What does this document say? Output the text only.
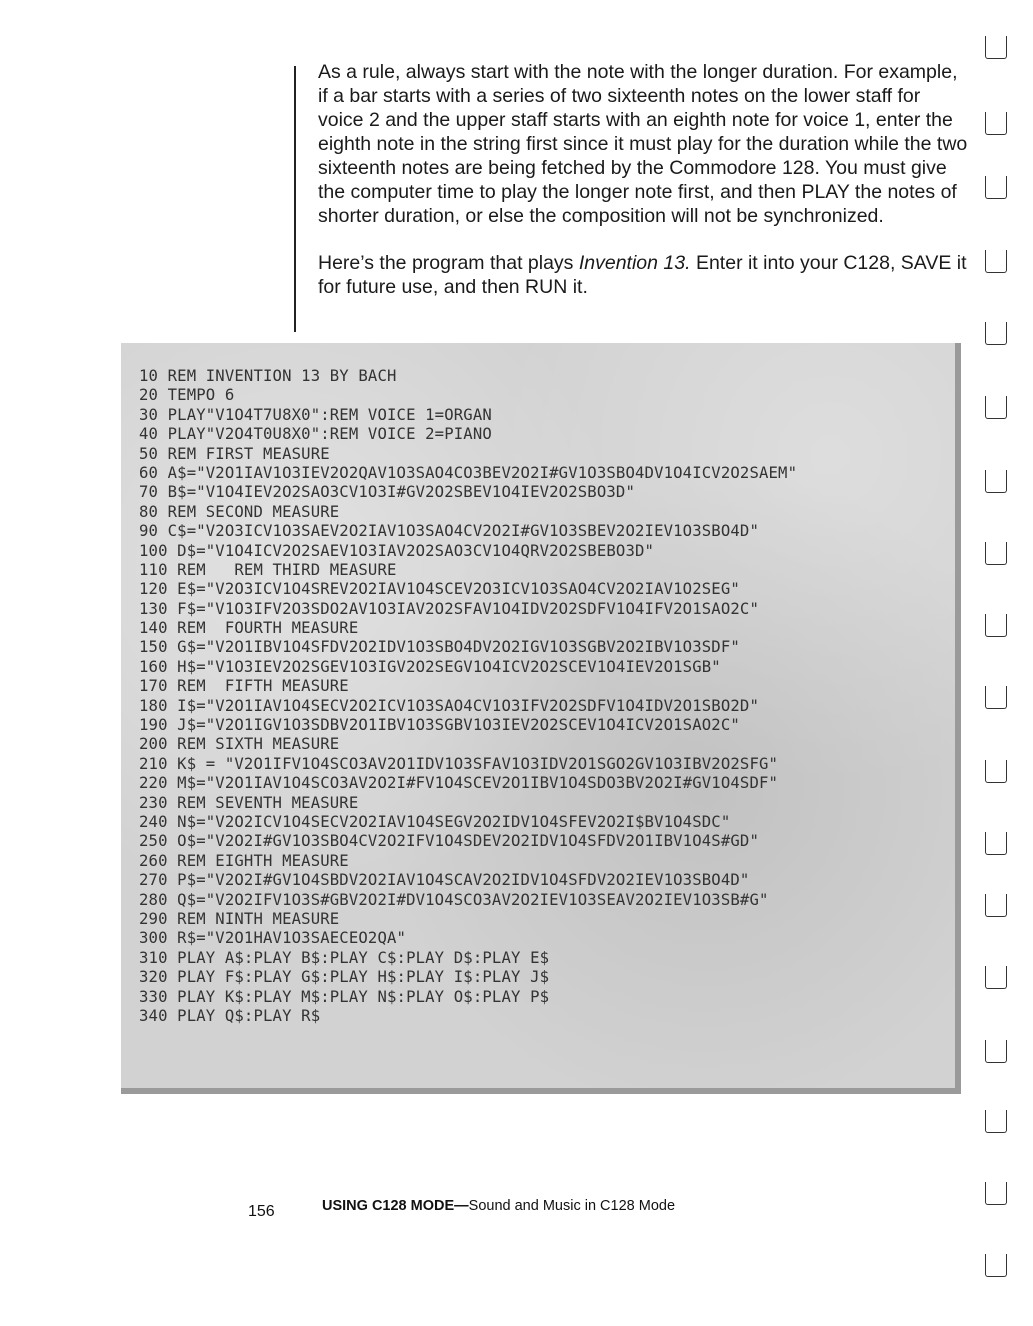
As a rule, always start with the note with the longer duration. For example, if a bar starts with a series of two sixteenth notes on the lower staff for voice 2 and the upper staff starts with an eighth note for voice 1, enter the eighth note in the string first since it must play for the duration while the two sixteenth notes are being fetched by the Commodore 128. You must give the computer time to play the longer note first, and then PLAY the notes of shorter duration, or else the composition will not be synchronized.

Here’s the program that plays Invention 13. Enter it into your C128, SAVE it for future use, and then RUN it.

10 REM INVENTION 13 BY BACH
20 TEMPO 6
30 PLAY"V1O4T7U8X0":REM VOICE 1=ORGAN
40 PLAY"V2O4T0U8X0":REM VOICE 2=PIANO
50 REM FIRST MEASURE
60 A$="V2O1IAV1O3IEV2O2QAV1O3SAO4CO3BEV2O2I#GV1O3SBO4DV1O4ICV2O2SAEM"
70 B$="V1O4IEV2O2SAO3CV1O3I#GV2O2SBEV1O4IEV2O2SBO3D"
80 REM SECOND MEASURE
90 C$="V2O3ICV1O3SAEV2O2IAV1O3SAO4CV2O2I#GV1O3SBEV2O2IEV1O3SBO4D"
100 D$="V1O4ICV2O2SAEV1O3IAV2O2SAO3CV1O4QRV2O2SBEBO3D"
110 REM   REM THIRD MEASURE
120 E$="V2O3ICV1O4SREV2O2IAV1O4SCEV2O3ICV1O3SAO4CV2O2IAV1O2SEG"
130 F$="V1O3IFV2O3SDO2AV1O3IAV2O2SFAV1O4IDV2O2SDFV1O4IFV2O1SAO2C"
140 REM  FOURTH MEASURE
150 G$="V2O1IBV1O4SFDV2O2IDV1O3SBO4DV2O2IGV1O3SGBV2O2IBV1O3SDF"
160 H$="V1O3IEV2O2SGEV1O3IGV2O2SEGV1O4ICV2O2SCEV1O4IEV2O1SGB"
170 REM  FIFTH MEASURE
180 I$="V2O1IAV1O4SECV2O2ICV1O3SAO4CV1O3IFV2O2SDFV1O4IDV2O1SBO2D"
190 J$="V2O1IGV1O3SDBV2O1IBV1O3SGBV1O3IEV2O2SCEV1O4ICV2O1SAO2C"
200 REM SIXTH MEASURE
210 K$ = "V2O1IFV1O4SCO3AV2O1IDV1O3SFAV1O3IDV2O1SGO2GV1O3IBV2O2SFG"
220 M$="V2O1IAV1O4SCO3AV2O2I#FV1O4SCEV2O1IBV1O4SDO3BV2O2I#GV1O4SDF"
230 REM SEVENTH MEASURE
240 N$="V2O2ICV1O4SECV2O2IAV1O4SEGV2O2IDV1O4SFEV2O2I$BV1O4SDC"
250 O$="V2O2I#GV1O3SBO4CV2O2IFV1O4SDEV2O2IDV1O4SFDV2O1IBV1O4S#GD"
260 REM EIGHTH MEASURE
270 P$="V2O2I#GV1O4SBDV2O2IAV1O4SCAV2O2IDV1O4SFDV2O2IEV1O3SBO4D"
280 Q$="V2O2IFV1O3S#GBV2O2I#DV1O4SCO3AV2O2IEV1O3SEAV2O2IEV1O3SB#G"
290 REM NINTH MEASURE
300 R$="V2O1HAV1O3SAECEO2QA"
310 PLAY A$:PLAY B$:PLAY C$:PLAY D$:PLAY E$
320 PLAY F$:PLAY G$:PLAY H$:PLAY I$:PLAY J$
330 PLAY K$:PLAY M$:PLAY N$:PLAY O$:PLAY P$
340 PLAY Q$:PLAY R$
156	USING C128 MODE—Sound and Music in C128 Mode
